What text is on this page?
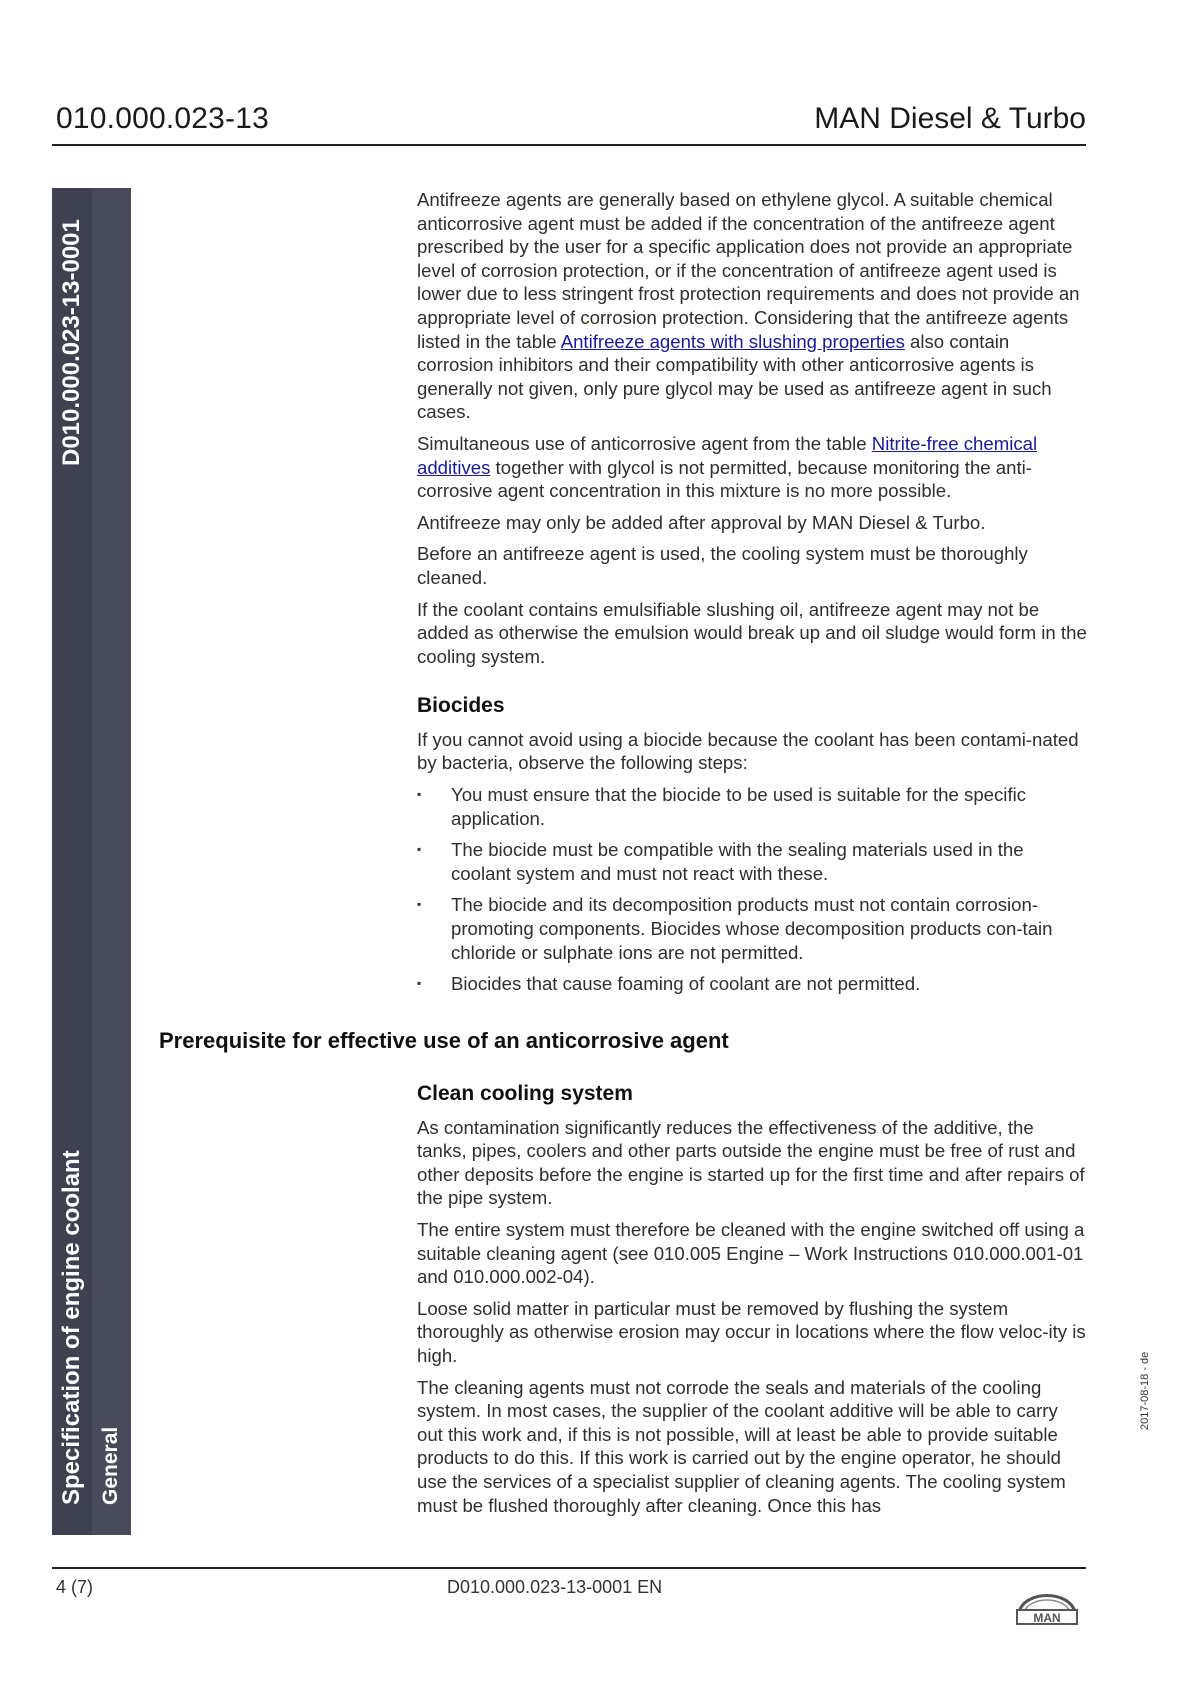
010.000.023-13	MAN Diesel & Turbo
D010.000.023-13-0001
Specification of engine coolant General
2017-08-18 - de

Antifreeze agents are generally based on ethylene glycol. A suitable chemical anticorrosive agent must be added if the concentration of the antifreeze agent prescribed by the user for a specific application does not provide an appropriate level of corrosion protection, or if the concentration of antifreeze agent used is lower due to less stringent frost protection requirements and does not provide an appropriate level of corrosion protection. Considering that the antifreeze agents listed in the table Antifreeze agents with slushing properties also contain corrosion inhibitors and their compatibility with other anticorrosive agents is generally not given, only pure glycol may be used as antifreeze agent in such cases.

Simultaneous use of anticorrosive agent from the table Nitrite-free chemical additives together with glycol is not permitted, because monitoring the anti-corrosive agent concentration in this mixture is no more possible.

Antifreeze may only be added after approval by MAN Diesel & Turbo.

Before an antifreeze agent is used, the cooling system must be thoroughly cleaned.

If the coolant contains emulsifiable slushing oil, antifreeze agent may not be added as otherwise the emulsion would break up and oil sludge would form in the cooling system.

Biocides

If you cannot avoid using a biocide because the coolant has been contami-nated by bacteria, observe the following steps:

▪ You must ensure that the biocide to be used is suitable for the specific application.
▪ The biocide must be compatible with the sealing materials used in the coolant system and must not react with these.
▪ The biocide and its decomposition products must not contain corrosion-promoting components. Biocides whose decomposition products con-tain chloride or sulphate ions are not permitted.
▪ Biocides that cause foaming of coolant are not permitted.
Prerequisite for effective use of an anticorrosive agent
Clean cooling system

As contamination significantly reduces the effectiveness of the additive, the tanks, pipes, coolers and other parts outside the engine must be free of rust and other deposits before the engine is started up for the first time and after repairs of the pipe system.

The entire system must therefore be cleaned with the engine switched off using a suitable cleaning agent (see 010.005 Engine – Work Instructions 010.000.001-01 and 010.000.002-04).

Loose solid matter in particular must be removed by flushing the system thoroughly as otherwise erosion may occur in locations where the flow veloc-ity is high.

The cleaning agents must not corrode the seals and materials of the cooling system. In most cases, the supplier of the coolant additive will be able to carry out this work and, if this is not possible, will at least be able to provide suitable products to do this. If this work is carried out by the engine operator, he should use the services of a specialist supplier of cleaning agents. The cooling system must be flushed thoroughly after cleaning. Once this has

4 (7)	D010.000.023-13-0001 EN
MAN
